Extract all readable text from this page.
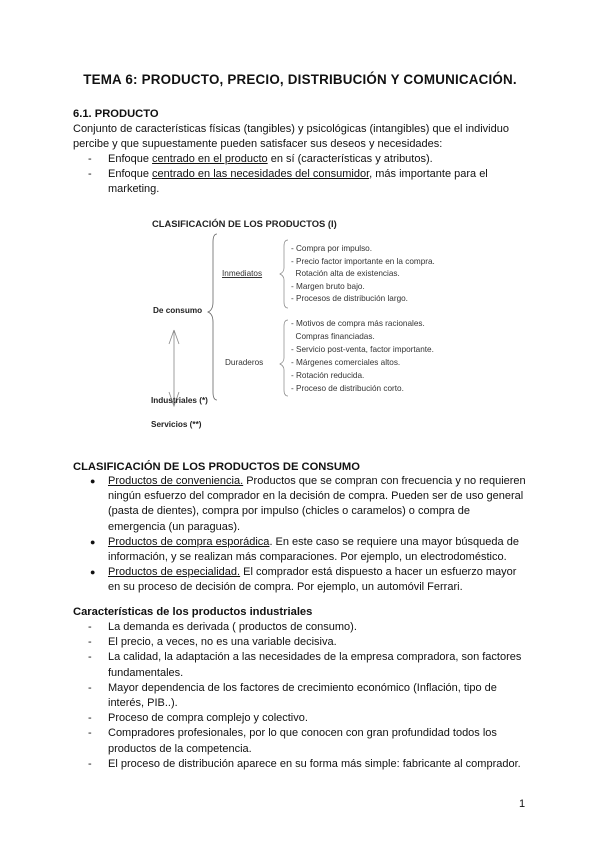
TEMA 6: PRODUCTO, PRECIO, DISTRIBUCIÓN Y COMUNICACIÓN.
6.1. PRODUCTO
Conjunto de características físicas (tangibles) y psicológicas (intangibles) que el individuo
percibe y que supuestamente pueden satisfacer sus deseos y necesidades:
- Enfoque centrado en el producto en sí (características y atributos).
- Enfoque centrado en las necesidades del consumidor, más importante para el marketing.
CLASIFICACIÓN DE LOS PRODUCTOS (I)
De consumo
Inmediatos
Duraderos
Industriales (*)
Servicios (**)
- Compra por impulso.
- Precio factor importante en la compra.
Rotación alta de existencias.
- Margen bruto bajo.
- Procesos de distribución largo.
- Motivos de compra más racionales.
Compras financiadas.
- Servicio post-venta, factor importante.
- Márgenes comerciales altos.
- Rotación reducida.
- Proceso de distribución corto.
CLASIFICACIÓN DE LOS PRODUCTOS DE CONSUMO
● Productos de conveniencia. Productos que se compran con frecuencia y no requieren ningún esfuerzo del comprador en la decisión de compra. Pueden ser de uso general (pasta de dientes), compra por impulso (chicles o caramelos) o compra de emergencia (un paraguas).
● Productos de compra esporádica. En este caso se requiere una mayor búsqueda de información, y se realizan más comparaciones. Por ejemplo, un electrodoméstico.
● Productos de especialidad. El comprador está dispuesto a hacer un esfuerzo mayor en su proceso de decisión de compra. Por ejemplo, un automóvil Ferrari.
Características de los productos industriales
- La demanda es derivada ( productos de consumo).
- El precio, a veces, no es una variable decisiva.
- La calidad, la adaptación a las necesidades de la empresa compradora, son factores fundamentales.
- Mayor dependencia de los factores de crecimiento económico (Inflación, tipo de interés, PIB..).
- Proceso de compra complejo y colectivo.
- Compradores profesionales, por lo que conocen con gran profundidad todos los productos de la competencia.
- El proceso de distribución aparece en su forma más simple: fabricante al comprador.
1
